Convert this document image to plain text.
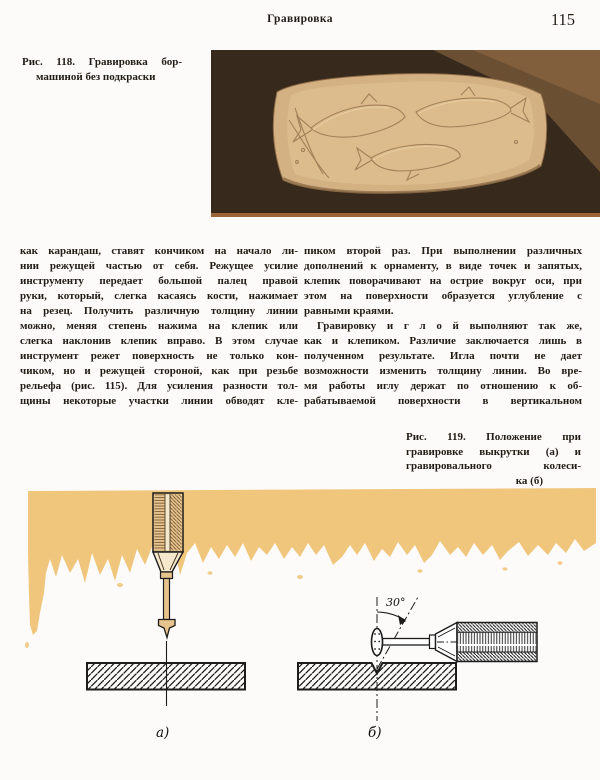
Гравировка	115
Рис. 118. Гравировка бор-
машиной без подкраски
как карандаш, ставят кончиком на начало ли-
нии режущей частью от себя. Режущее усилие
инструменту передает большой палец правой
руки, который, слегка касаясь кости, нажимает
на резец. Получить различную толщину линии
можно, меняя степень нажима на клепик или
слегка наклонив клепик вправо. В этом случае
инструмент режет поверхность не только кон-
чиком, но и режущей стороной, как при резьбе
рельефа (рис. 115). Для усиления разности тол-
щины некоторые участки линии обводят кле-
пиком второй раз. При выполнении различных
дополнений к орнаменту, в виде точек и запятых,
клепик поворачивают на острие вокруг оси, при
этом на поверхности образуется углубление с
равными краями.
Гравировку и г л о й выполняют так же,
как и клепиком. Различие заключается лишь в
полученном результате. Игла почти не дает
возможности изменить толщину линии. Во вре-
мя работы иглу держат по отношению к об-
рабатываемой поверхности в вертикальном
Рис. 119. Положение при
гравировке выкрутки (а) и
гравировального колеси-
ка (б)
30°
а)	б)
